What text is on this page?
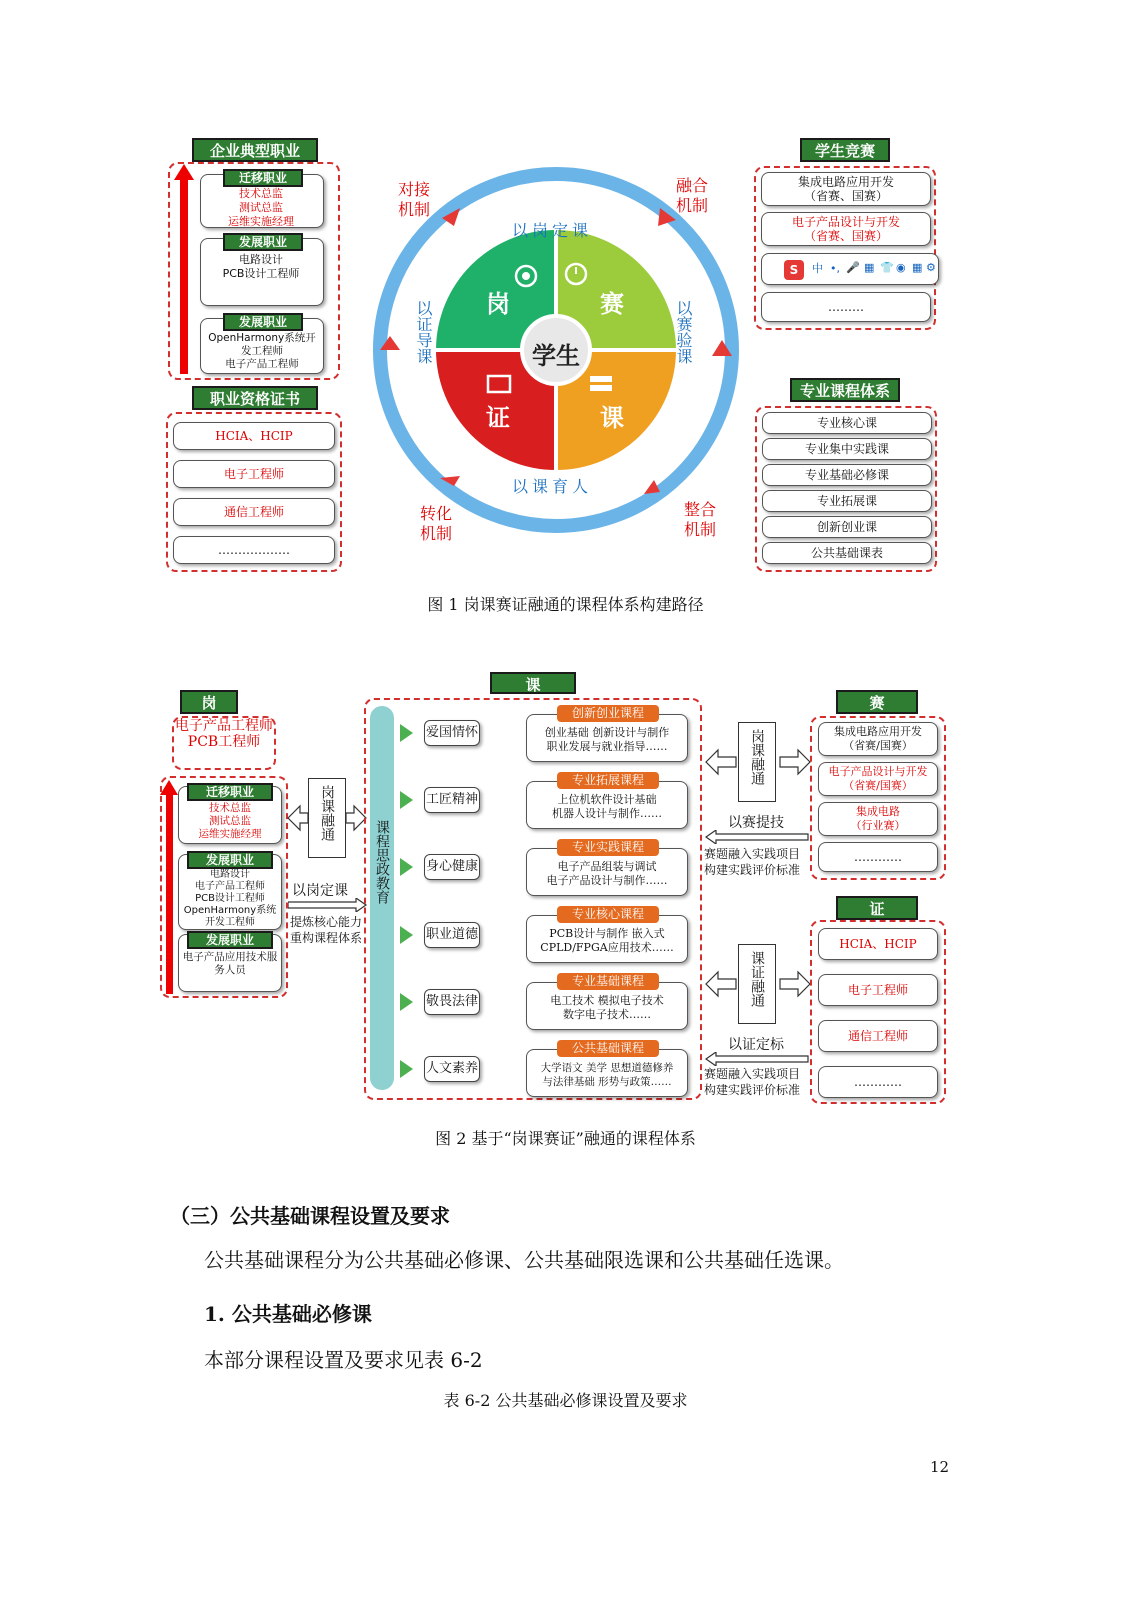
企业典型职业
迁移职业
技术总监
测试总监
运维实施经理
发展职业
电路设计
PCB设计工程师
发展职业
OpenHarmony系统开
发工程师
电子产品工程师
职业资格证书
HCIA、HCIP
电子工程师
通信工程师
………………
学生竞赛
集成电路应用开发
（省赛、国赛）
电子产品设计与开发
（省赛、国赛）
S	中 •, 🎤 ▦ 👕 ◉ ▦ ⚙
………
专业课程体系
专业核心课
专业集中实践课
专业基础必修课
专业拓展课
创新创业课
公共基础课表
以岗定课
以课育人
以证导课	以赛验课
学生
岗	赛
证	课
对接
机制
融合
机制
转化
机制
整合
机制
图 1 岗课赛证融通的课程体系构建路径
岗
电子产品工程师
PCB工程师
迁移职业
技术总监
测试总监
运维实施经理
发展职业
电路设计
电子产品工程师
PCB设计工程师
OpenHarmony系统
开发工程师
发展职业
电子产品应用技术服
务人员
岗课融通
以岗定课
提炼核心能力
重构课程体系
课
课程思政教育
爱国情怀
工匠精神
身心健康
职业道德
敬畏法律
人文素养
创新创业课程
创业基础 创新设计与制作
职业发展与就业指导……
专业拓展课程
上位机软件设计基础
机器人设计与制作……
专业实践课程
电子产品组装与调试
电子产品设计与制作……
专业核心课程
PCB设计与制作 嵌入式
CPLD/FPGA应用技术……
专业基础课程
电工技术 模拟电子技术
数字电子技术……
公共基础课程
大学语文 美学 思想道德修养
与法律基础 形势与政策……
岗课融通
以赛提技
赛题融入实践项目
构建实践评价标准
课证融通
以证定标
赛题融入实践项目
构建实践评价标准
赛
集成电路应用开发
（省赛/国赛）
电子产品设计与开发
（省赛/国赛）
集成电路
（行业赛）
…………
证
HCIA、HCIP
电子工程师
通信工程师
…………
图 2 基于“岗课赛证”融通的课程体系
（三）公共基础课程设置及要求
公共基础课程分为公共基础必修课、公共基础限选课和公共基础任选课。
1. 公共基础必修课
本部分课程设置及要求见表 6-2
表 6-2 公共基础必修课设置及要求
12
